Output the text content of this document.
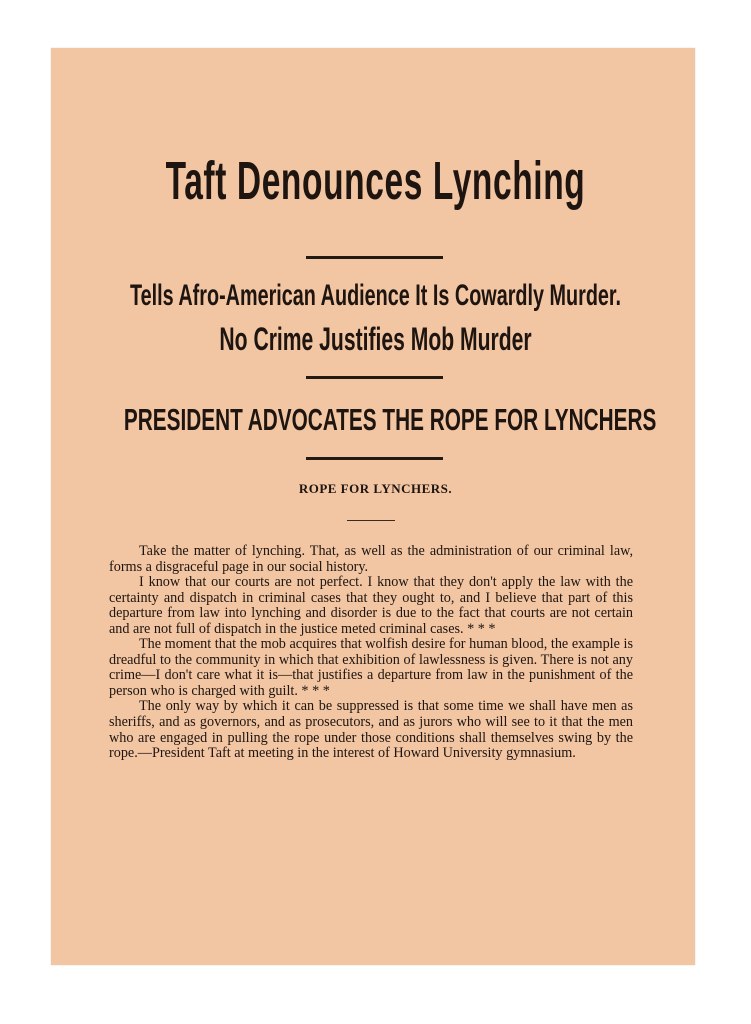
Taft Denounces Lynching
Tells Afro-American Audience It Is Cowardly Murder.
No Crime Justifies Mob Murder
PRESIDENT ADVOCATES THE ROPE FOR LYNCHERS
ROPE FOR LYNCHERS.

Take the matter of lynching. That, as well as the administration of our criminal law, forms a disgraceful page in our social history.

I know that our courts are not perfect. I know that they don't apply the law with the certainty and dispatch in criminal cases that they ought to, and I believe that part of this departure from law into lynching and disorder is due to the fact that courts are not certain and are not full of dispatch in the justice meted criminal cases. * * *

The moment that the mob acquires that wolfish desire for human blood, the example is dreadful to the community in which that exhibition of lawlessness is given. There is not any crime—I don't care what it is—that justifies a departure from law in the punishment of the person who is charged with guilt. * * *

The only way by which it can be suppressed is that some time we shall have men as sheriffs, and as governors, and as prosecutors, and as jurors who will see to it that the men who are engaged in pulling the rope under those conditions shall themselves swing by the rope.—President Taft at meeting in the interest of Howard University gymnasium.
